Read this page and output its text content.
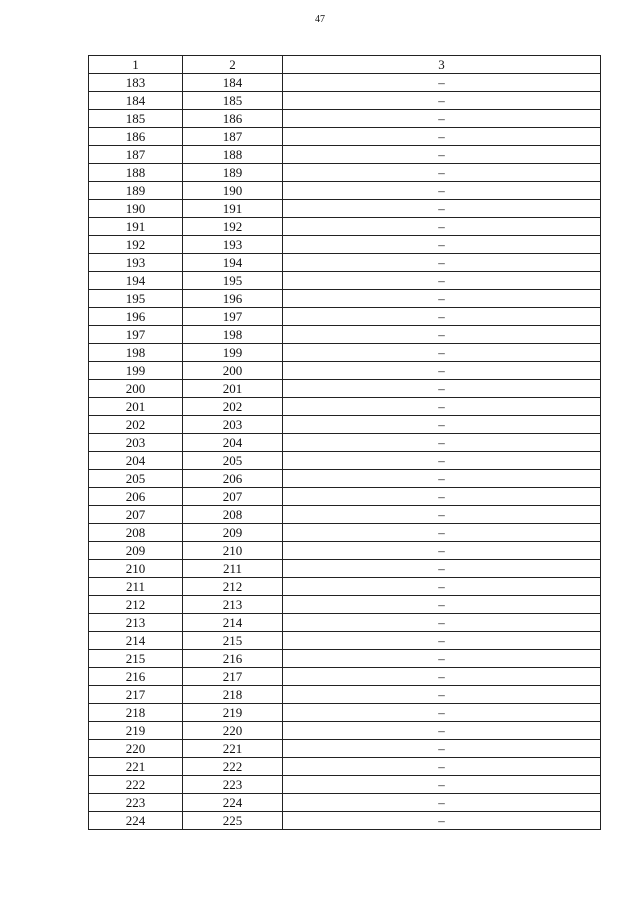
47
1	2	3
183	184	–
184	185	–
185	186	–
186	187	–
187	188	–
188	189	–
189	190	–
190	191	–
191	192	–
192	193	–
193	194	–
194	195	–
195	196	–
196	197	–
197	198	–
198	199	–
199	200	–
200	201	–
201	202	–
202	203	–
203	204	–
204	205	–
205	206	–
206	207	–
207	208	–
208	209	–
209	210	–
210	211	–
211	212	–
212	213	–
213	214	–
214	215	–
215	216	–
216	217	–
217	218	–
218	219	–
219	220	–
220	221	–
221	222	–
222	223	–
223	224	–
224	225	–
